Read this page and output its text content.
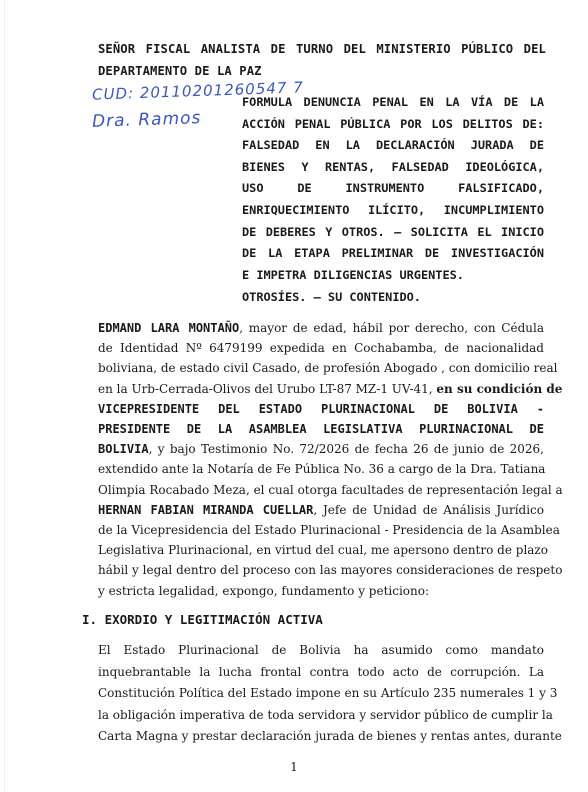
SEÑOR FISCAL ANALISTA DE TURNO DEL MINISTERIO PÚBLICO DEL
DEPARTAMENTO DE LA PAZ
CUD: 20110201260547 7
Dra. Ramos
FORMULA DENUNCIA PENAL EN LA VÍA DE LA
ACCIÓN PENAL PÚBLICA POR LOS DELITOS DE:
FALSEDAD EN LA DECLARACIÓN JURADA DE
BIENES Y RENTAS, FALSEDAD IDEOLÓGICA,
USO DE INSTRUMENTO FALSIFICADO,
ENRIQUECIMIENTO ILÍCITO, INCUMPLIMIENTO
DE DEBERES Y OTROS. – SOLICITA EL INICIO
DE LA ETAPA PRELIMINAR DE INVESTIGACIÓN
E IMPETRA DILIGENCIAS URGENTES.
OTROSÍES. – SU CONTENIDO.
EDMAND LARA MONTAÑO, mayor de edad, hábil por derecho, con Cédula
de Identidad Nº 6479199 expedida en Cochabamba, de nacionalidad
boliviana, de estado civil Casado, de profesión Abogado , con domicilio real
en la Urb-Cerrada-Olivos del Urubo LT-87 MZ-1 UV-41, en su condición de
VICEPRESIDENTE DEL ESTADO PLURINACIONAL DE BOLIVIA -
PRESIDENTE DE LA ASAMBLEA LEGISLATIVA PLURINACIONAL DE
BOLIVIA, y bajo Testimonio No. 72/2026 de fecha 26 de junio de 2026,
extendido ante la Notaría de Fe Pública No. 36 a cargo de la Dra. Tatiana
Olimpia Rocabado Meza, el cual otorga facultades de representación legal a
HERNAN FABIAN MIRANDA CUELLAR, Jefe de Unidad de Análisis Jurídico
de la Vicepresidencia del Estado Plurinacional - Presidencia de la Asamblea
Legislativa Plurinacional, en virtud del cual, me apersono dentro de plazo
hábil y legal dentro del proceso con las mayores consideraciones de respeto
y estricta legalidad, expongo, fundamento y peticiono:
I. EXORDIO Y LEGITIMACIÓN ACTIVA
El Estado Plurinacional de Bolivia ha asumido como mandato
inquebrantable la lucha frontal contra todo acto de corrupción. La
Constitución Política del Estado impone en su Artículo 235 numerales 1 y 3
la obligación imperativa de toda servidora y servidor público de cumplir la
Carta Magna y prestar declaración jurada de bienes y rentas antes, durante
1
